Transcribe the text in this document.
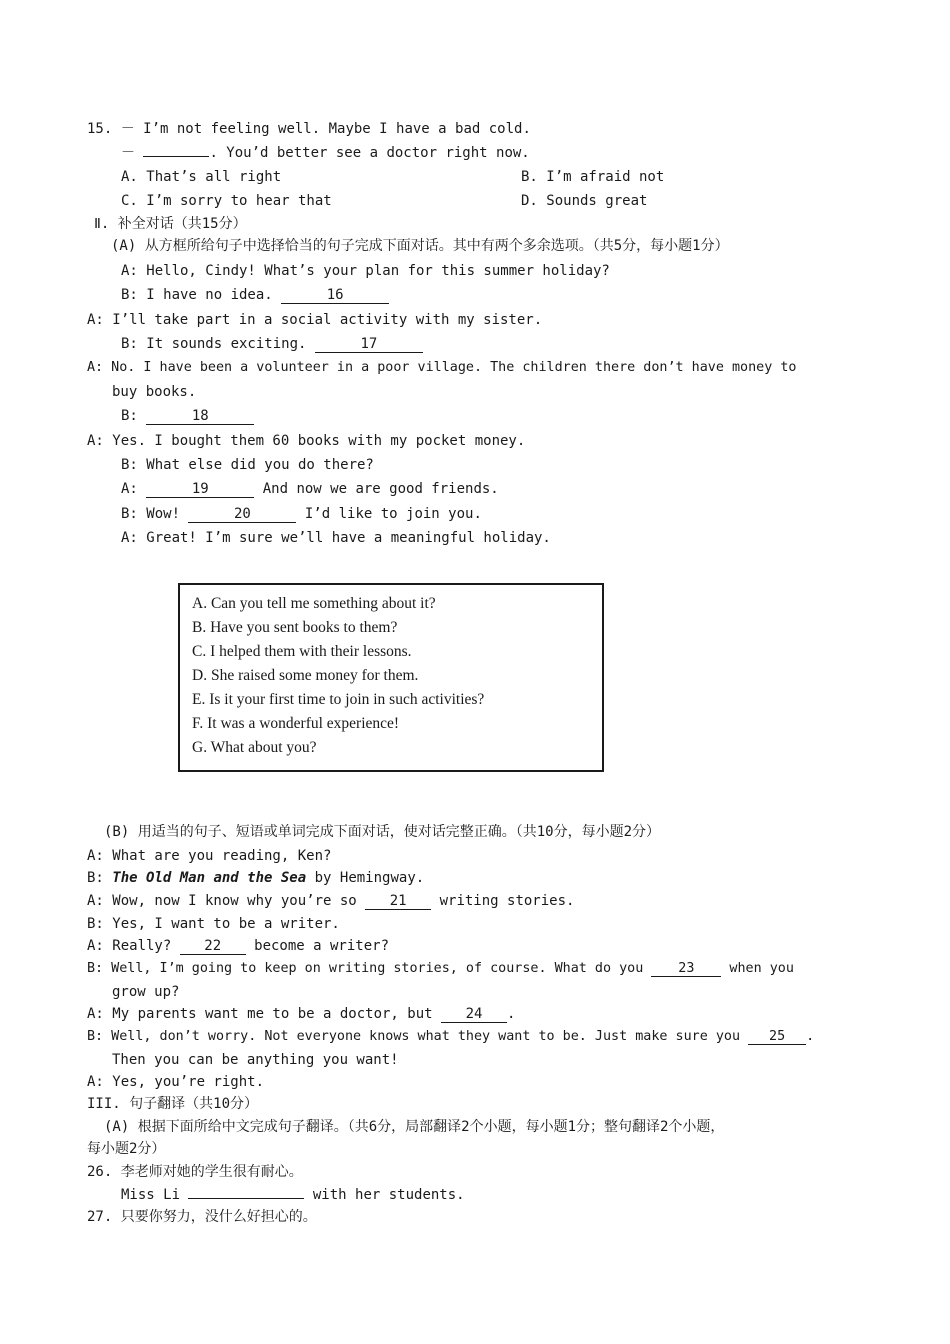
15. － I’m not feeling well. Maybe I have a bad cold.
－	. You’d better see a doctor right now.
A. That’s all right	B. I’m afraid not
C. I’m sorry to hear that	D. Sounds great
Ⅱ. 补全对话（共15分）
(A) 从方框所给句子中选择恰当的句子完成下面对话。其中有两个多余选项。（共5分，每小题1分）
A: Hello, Cindy! What’s your plan for this summer holiday?
B: I have no idea.	16
A: I’ll take part in a social activity with my sister.
B: It sounds exciting.	17
A: No. I have been a volunteer in a poor village. The children there don’t have money to
buy books.
B:	18
A: Yes. I bought them 60 books with my pocket money.
B: What else did you do there?
A:	19	And now we are good friends.
B: Wow!	20	I’d like to join you.
A: Great! I’m sure we’ll have a meaningful holiday.
A. Can you tell me something about it?
B. Have you sent books to them?
C. I helped them with their lessons.
D. She raised some money for them.
E. Is it your first time to join in such activities?
F. It was a wonderful experience!
G. What about you?
(B) 用适当的句子、短语或单词完成下面对话，使对话完整正确。（共10分，每小题2分）
A: What are you reading, Ken?
B: The Old Man and the Sea by Hemingway.
A: Wow, now I know why you’re so 21 writing stories.
B: Yes, I want to be a writer.
A: Really? 22 become a writer?
B: Well, I’m going to keep on writing stories, of course. What do you 23 when you
grow up?
A: My parents want me to be a doctor, but 24 .
B: Well, don’t worry. Not everyone knows what they want to be. Just make sure you 25 .
Then you can be anything you want!
A: Yes, you’re right.
III. 句子翻译（共10分）
(A) 根据下面所给中文完成句子翻译。（共6分，局部翻译2个小题，每小题1分；整句翻译2个小题，
每小题2分）
26. 李老师对她的学生很有耐心。
Miss Li	with her students.
27. 只要你努力，没什么好担心的。
